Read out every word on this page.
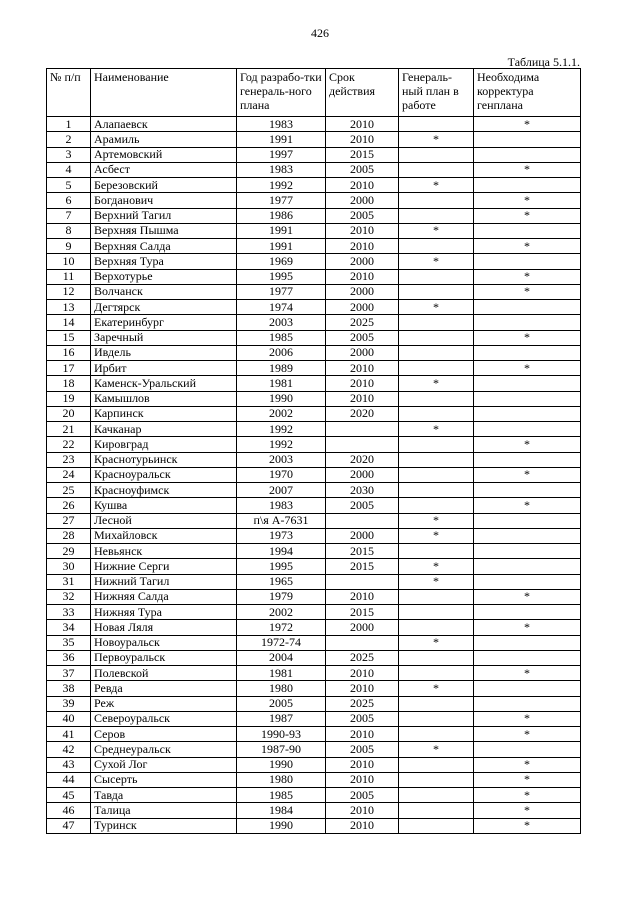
426
Таблица 5.1.1.
№ п/п	Наименование	Год разрабо-тки генераль-ного плана	Срок действия	Генераль-ный план в работе	Необходима корректура генплана
1	Алапаевск	1983	2010		*
2	Арамиль	1991	2010	*	
3	Артемовский	1997	2015		
4	Асбест	1983	2005		*
5	Березовский	1992	2010	*	
6	Богданович	1977	2000		*
7	Верхний Тагил	1986	2005		*
8	Верхняя Пышма	1991	2010	*	
9	Верхняя Салда	1991	2010		*
10	Верхняя Тура	1969	2000	*	
11	Верхотурье	1995	2010		*
12	Волчанск	1977	2000		*
13	Дегтярск	1974	2000	*	
14	Екатеринбург	2003	2025		
15	Заречный	1985	2005		*
16	Ивдель	2006	2000		
17	Ирбит	1989	2010		*
18	Каменск-Уральский	1981	2010	*	
19	Камышлов	1990	2010		
20	Карпинск	2002	2020		
21	Качканар	1992		*	
22	Кировград	1992			*
23	Краснотурьинск	2003	2020		
24	Красноуральск	1970	2000		*
25	Красноуфимск	2007	2030		
26	Кушва	1983	2005		*
27	Лесной	п\я А-7631		*	
28	Михайловск	1973	2000	*	
29	Невьянск	1994	2015		
30	Нижние Серги	1995	2015	*	
31	Нижний Тагил	1965		*	
32	Нижняя Салда	1979	2010		*
33	Нижняя Тура	2002	2015		
34	Новая Ляля	1972	2000		*
35	Новоуральск	1972-74		*	
36	Первоуральск	2004	2025		
37	Полевской	1981	2010		*
38	Ревда	1980	2010	*	
39	Реж	2005	2025		
40	Североуральск	1987	2005		*
41	Серов	1990-93	2010		*
42	Среднеуральск	1987-90	2005	*	
43	Сухой Лог	1990	2010		*
44	Сысерть	1980	2010		*
45	Тавда	1985	2005		*
46	Талица	1984	2010		*
47	Туринск	1990	2010		*
